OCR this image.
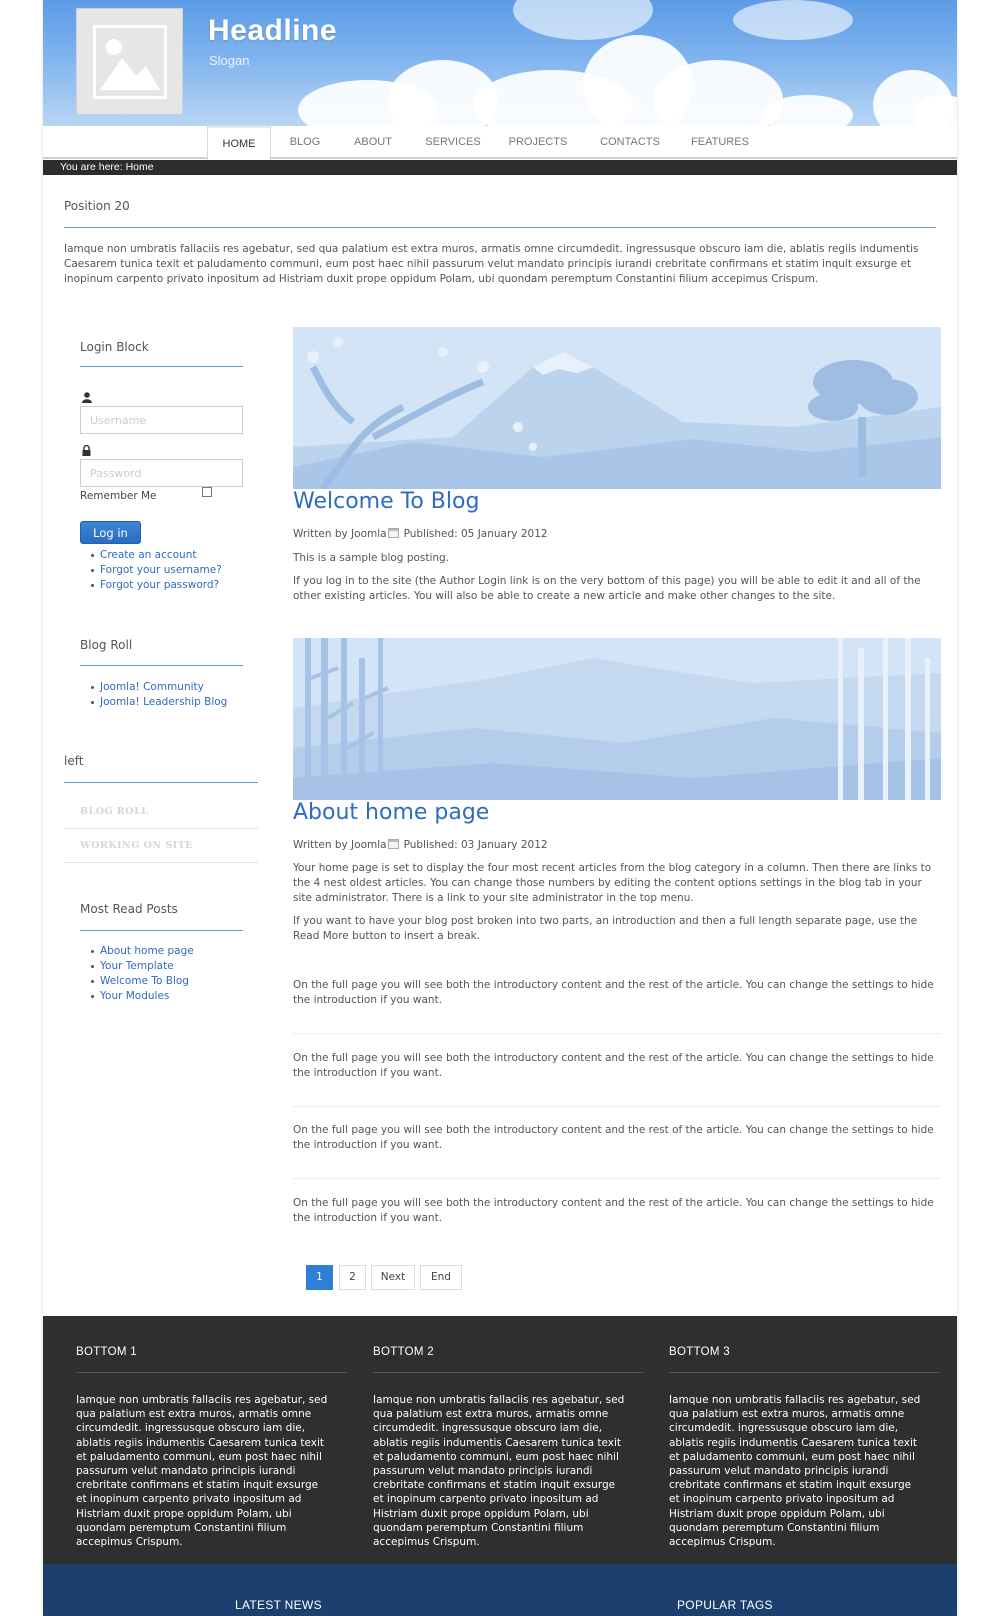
Headline
Slogan
HOME	BLOG	ABOUT	SERVICES	PROJECTS	CONTACTS	FEATURES
You are here: Home
Position 20
Iamque non umbratis fallaciis res agebatur, sed qua palatium est extra muros, armatis omne circumdedit. ingressusque obscuro iam die, ablatis regiis indumentis Caesarem tunica texit et paludamento communi, eum post haec nihil passurum velut mandato principis iurandi crebritate confirmans et statim inquit exsurge et inopinum carpento privato inpositum ad Histriam duxit prope oppidum Polam, ubi quondam peremptum Constantini filium accepimus Crispum.
Login Block
Username
Remember Me
Log in
Create an account
Forgot your username?
Forgot your password?
Blog Roll
Joomla! Community
Joomla! Leadership Blog
left
BLOG ROLL
WORKING ON SITE
Most Read Posts
About home page
Your Template
Welcome To Blog
Your Modules
Welcome To Blog
Written by Joomla Published: 05 January 2012
This is a sample blog posting.
If you log in to the site (the Author Login link is on the very bottom of this page) you will be able to edit it and all of the other existing articles. You will also be able to create a new article and make other changes to the site.
About home page
Written by Joomla Published: 03 January 2012
Your home page is set to display the four most recent articles from the blog category in a column. Then there are links to the 4 nest oldest articles. You can change those numbers by editing the content options settings in the blog tab in your site administrator. There is a link to your site administrator in the top menu.
If you want to have your blog post broken into two parts, an introduction and then a full length separate page, use the Read More button to insert a break.
On the full page you will see both the introductory content and the rest of the article. You can change the settings to hide the introduction if you want.
On the full page you will see both the introductory content and the rest of the article. You can change the settings to hide the introduction if you want.
On the full page you will see both the introductory content and the rest of the article. You can change the settings to hide the introduction if you want.
On the full page you will see both the introductory content and the rest of the article. You can change the settings to hide the introduction if you want.
1	2	Next	End
BOTTOM 1
Iamque non umbratis fallaciis res agebatur, sed qua palatium est extra muros, armatis omne circumdedit. ingressusque obscuro iam die, ablatis regiis indumentis Caesarem tunica texit et paludamento communi, eum post haec nihil passurum velut mandato principis iurandi crebritate confirmans et statim inquit exsurge et inopinum carpento privato inpositum ad Histriam duxit prope oppidum Polam, ubi quondam peremptum Constantini filium accepimus Crispum.
BOTTOM 2
Iamque non umbratis fallaciis res agebatur, sed qua palatium est extra muros, armatis omne circumdedit. ingressusque obscuro iam die, ablatis regiis indumentis Caesarem tunica texit et paludamento communi, eum post haec nihil passurum velut mandato principis iurandi crebritate confirmans et statim inquit exsurge et inopinum carpento privato inpositum ad Histriam duxit prope oppidum Polam, ubi quondam peremptum Constantini filium accepimus Crispum.
BOTTOM 3
Iamque non umbratis fallaciis res agebatur, sed qua palatium est extra muros, armatis omne circumdedit. ingressusque obscuro iam die, ablatis regiis indumentis Caesarem tunica texit et paludamento communi, eum post haec nihil passurum velut mandato principis iurandi crebritate confirmans et statim inquit exsurge et inopinum carpento privato inpositum ad Histriam duxit prope oppidum Polam, ubi quondam peremptum Constantini filium accepimus Crispum.
LATEST NEWS	POPULAR TAGS
